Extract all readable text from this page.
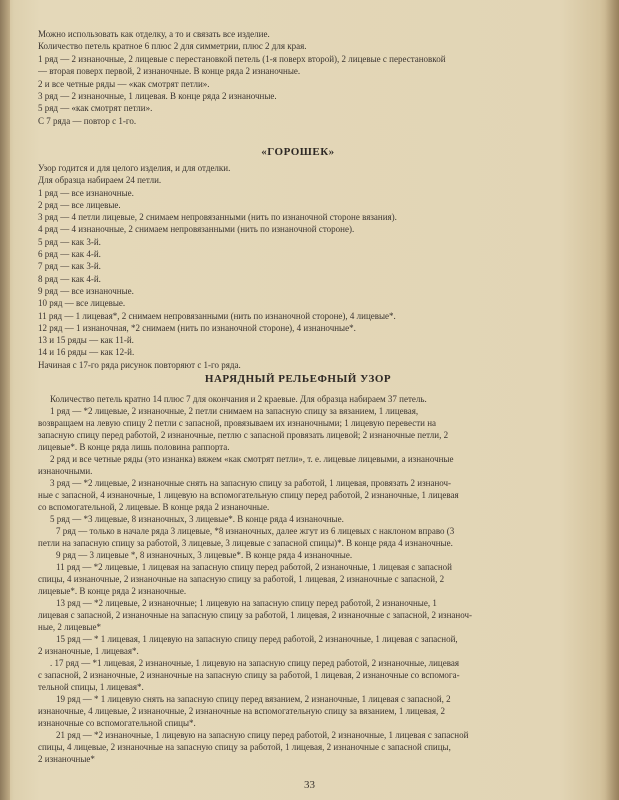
Можно использовать как отделку, а то и связать все изделие.
Количество петель кратное 6 плюс 2 для симметрии, плюс 2 для края.
1 ряд — 2 изнаночные, 2 лицевые с перестановкой петель (1-я поверх второй), 2 лицевые с перестановкой
— вторая поверх первой, 2 изнаночные. В конце ряда 2 изнаночные.
2 и все четные ряды — «как смотрят петли».
3 ряд — 2 изнаночные, 1 лицевая. В конце ряда 2 изнаночные.
5 ряд — «как смотрят петли».
С 7 ряда — повтор с 1-го.
«ГОРОШЕК»
Узор годится и для целого изделия, и для отделки.
Для образца набираем 24 петли.
1 ряд — все изнаночные.
2 ряд — все лицевые.
3 ряд — 4 петли лицевые, 2 снимаем непровязанными (нить по изнаночной стороне вязания).
4 ряд — 4 изнаночные, 2 снимаем непровязанными (нить по изнаночной стороне).
5 ряд — как 3-й.
6 ряд — как 4-й.
7 ряд — как 3-й.
8 ряд — как 4-й.
9 ряд — все изнаночные.
10 ряд — все лицевые.
11 ряд — 1 лицевая*, 2 снимаем непровязанными (нить по изнаночной стороне), 4 лицевые*.
12 ряд — 1 изнаночная, *2 снимаем (нить по изнаночной стороне), 4 изнаночные*.
13 и 15 ряды — как 11-й.
14 и 16 ряды — как 12-й.
Начиная с 17-го ряда рисунок повторяют с 1-го ряда.
НАРЯДНЫЙ РЕЛЬЕФНЫЙ УЗОР
Количество петель кратно 14 плюс 7 для окончания и 2 краевые. Для образца набираем 37 петель.
1 ряд — *2 лицевые, 2 изнаночные, 2 петли снимаем на запасную спицу за вязанием, 1 лицевая,
возвращаем на левую спицу 2 петли с запасной, провязываем их изнаночными; 1 лицевую перевести на
запасную спицу перед работой, 2 изнаночные, петлю с запасной провязать лицевой; 2 изнаночные петли, 2
лицевые*. В конце ряда лишь половина раппорта.
2 ряд и все четные ряды (это изнанка) вяжем «как смотрят петли», т. е. лицевые лицевыми, а изнаночные
изнаночными.
3 ряд — *2 лицевые, 2 изнаночные снять на запасную спицу за работой, 1 лицевая, провязать 2 изнаноч-
ные с запасной, 4 изнаночные, 1 лицевую на вспомогательную спицу перед работой, 2 изнаночные, 1 лицевая
со вспомогательной, 2 лицевые. В конце ряда 2 изнаночные.
5 ряд — *3 лицевые, 8 изнаночных, 3 лицевые*. В конце ряда 4 изнаночные.
7 ряд — только в начале ряда 3 лицевые, *8 изнаночных, далее жгут из 6 лицевых с наклоном вправо (3
петли на запасную спицу за работой, 3 лицевые, 3 лицевые с запасной спицы)*. В конце ряда 4 изнаночные.
9 ряд — 3 лицевые *, 8 изнаночных, 3 лицевые*. В конце ряда 4 изнаночные.
11 ряд — *2 лицевые, 1 лицевая на запасную спицу перед работой, 2 изнаночные, 1 лицевая с запасной
спицы, 4 изнаночные, 2 изнаночные на запасную спицу за работой, 1 лицевая, 2 изнаночные с запасной, 2
лицевые*. В конце ряда 2 изнаночные.
13 ряд — *2 лицевые, 2 изнаночные; 1 лицевую на запасную спицу перед работой, 2 изнаночные, 1
лицевая с запасной, 2 изнаночные на запасную спицу за работой, 1 лицевая, 2 изнаночные с запасной, 2 изнаноч-
ные, 2 лицевые*
15 ряд — * 1 лицевая, 1 лицевую на запасную спицу перед работой, 2 изнаночные, 1 лицевая с запасной,
2 изнаночные, 1 лицевая*.
. 17 ряд — *1 лицевая, 2 изнаночные, 1 лицевую на запасную спицу перед работой, 2 изнаночные, лицевая
с запасной, 2 изнаночные, 2 изнаночные на запасную спицу за работой, 1 лицевая, 2 изнаночные со вспомога-
тельной спицы, 1 лицевая*.
19 ряд — * 1 лицевую снять на запасную спицу перед вязанием, 2 изнаночные, 1 лицевая с запасной, 2
изнаночные, 4 лицевые, 2 изнаночные, 2 изнаночные на вспомогательную спицу за вязанием, 1 лицевая, 2
изнаночные со вспомогательной спицы*.
21 ряд — *2 изнаночные, 1 лицевую на запасную спицу перед работой, 2 изнаночные, 1 лицевая с запасной
спицы, 4 лицевые, 2 изнаночные на запасную спицу за работой, 1 лицевая, 2 изнаночные с запасной спицы,
2 изнаночные*
33
